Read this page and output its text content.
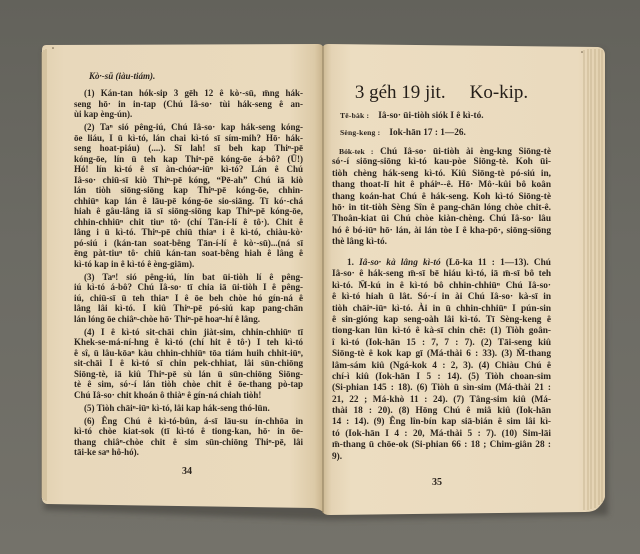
Kò·-sū (iàu-tiám).
(1) Kán-tan hók-sip 3 gēh 12 ê kò·-sū, m̄ng hák-
seng hō· in in-tap (Chú Iâ-so· tùi hák-seng ê an-
ùi kap èng-ún).
(2) Taⁿ sió pêng-iú, Chú Iâ-so· kap hák-seng kóng-
ōe liáu, I ū kì-tó, lán chai kì-tó sī sím-mih? Hō· hák-
seng hoat-piáu) (....). Sī lah! sī beh kap Thiⁿ-pē
kóng-ōe, lín ū teh kap Thiⁿ-pē kóng-ōe á-bô? (Ū!)
Hó! lín kì-tó ê sī àn-chóaⁿ-iūⁿ kì-tó? Lán ê Chú
Iâ-so· chiū-sī kiò Thiⁿ-pē kóng, “Pē-ah” Chú iā kiò
lán tiòh siōng-siōng kap Thiⁿ-pē kóng-ōe, chhin-
chhiūⁿ kap lán ê lāu-pē kóng-ōe sio-siāng. Tī kó·-chá
hiah ê gâu-lâng iā sī siōng-siōng kap Thiⁿ-pē kóng-ōe,
chhin-chhiūⁿ chit tiuⁿ tô· (chí Tān-í-lí ê tô·). Chit ê
lâng i ū kì-tó. Thiⁿ-pē chiū thiaⁿ i ê kì-tó, chiàu-kò·
pó-siú i (kán-tan soat-bêng Tān-í-lí ê kò·-sū)...(ná sī
ēng pàt-tiuⁿ tô· chiū kán-tan soat-bêng hiah ê lâng ê
kì-tó kap in ê kì-tó ê èng-giām).
(3) Taⁿ! sió pêng-iú, lín bat ūi-tiòh lí ê pêng-
iú kì-tó á-bô? Chú Iâ-so· tī chia iā ūi-tiòh I ê pêng-
iú, chiū-sī ū teh thiaⁿ I ê ōe beh chòe hó gín-ná ê
lâng lâi kì-tó. I kiû Thiⁿ-pē pó-siú kap pang-chān
lán lóng ōe chiâⁿ-chòe hō· Thiⁿ-pē hoaⁿ-hí ê lâng.
(4) I ê kì-tó sit-chāi chin jiàt-sim, chhin-chhiūⁿ tī
Khek-se-má-ní-hng ê kì-tó (chí hit ê tô·) I teh kì-tó
ê sî, ū lâu-kōaⁿ kàu chhin-chhiūⁿ tōa tiám huih chhit-iūⁿ,
sit-chāi I ê kì-tó sī chin pek-chhiat, lâi sūn-chiōng
Siōng-tè, iā kiû Thiⁿ-pē sù lán ū sūn-chiōng Siōng-
tè ê sim, só·-í lán tiòh chòe chit ê ōe-thang pò-tap
Chú Iâ-so· chit khoán ô thiàⁿ ê gín-ná chiah tiòh!
(5) Tiòh chāiⁿ-iūⁿ kì-tó, lâi kap hák-seng thó-lūn.
(6) Êng Chú ê kì-tó-bûn, á-sī lāu-su ín-chhōa in
kì-tó chòe kiat-sok (tī kì-tó ê tiong-kan, hō· in ōe-
thang chiâⁿ-chòe chit ê sim sūn-chiōng Thiⁿ-pē, lâi
tāi-ke saⁿ hô-hó).
34
3 géh 19 jit. Ko-kip.
Tē-bàk : Iâ-so· ūi-tiòh siók I ê kì-tó.
Sèng-keng : Iok-hān 17 : 1—26.
Bók-tek : Chú Iâ-so· ūi-tiòh ài èng-kng Siōng-tè
só·-í siōng-siōng kì-tó kau-pòe Siōng-tè. Koh ūi-
tiòh chèng hák-seng kì-tó. Kiû Siōng-tè pó-siú in,
thang thoat-lī hit ê pháiⁿ--ê. Hō· Mô·-kûi bô koân
thang koán-hat Chú ê hák-seng. Koh kì-tó Siōng-tè
hō· in tit-tiòh Sèng Sîn ê pang-chān lóng chòe chit-ê.
Thoân-kiat ūi Chú chòe kiàn-chèng. Chú Iâ-so· lâu
hó ê bó-iūⁿ hō· lán, ài lán tòe I ê kha-pō·, siōng-siōng
thè lâng kì-tó.
1. Iâ-so· kà lâng kì-tó (Lō-ka 11 : 1—13). Chú
Iâ-so· ê hák-seng m̄-sī bē hiáu kì-tó, iā m̄-sī bô teh
kì-tó. M̄-kú in ê kì-tó bô chhin-chhiūⁿ Chú Iâ-so·
ê kì-tó hiah ū lât. Só·-í in ài Chú Iâ-so· kà-sī in
tiòh chāiⁿ-iūⁿ kì-tó. Ài in ū chhin-chhiūⁿ I pún-sin
ê sin-gióng kap seng-oàh lâi kì-tó. Tī Sèng-keng ê
tiong-kan lūn kì-tó ê kà-sī chin chē: (1) Tiòh goân-
î kì-tó (Iok-hān 15 : 7, 7 : 7). (2) Tāi-seng kiû
Siōng-tè ê kok kap gī (Má-thài 6 : 33). (3) M̄-thang
lâm-sám kiû (Ngá-kok 4 : 2, 3). (4) Chiàu Chú ê
chí-ì kiû (Iok-hān I 5 : 14). (5) Tiòh choan-sim
(Si-phian 145 : 18). (6) Tiòh ū sìn-sim (Má-thài 21 :
21, 22 ; Má-khò 11 : 24). (7) Tâng-sim kiû (Má-
thài 18 : 20). (8) Hōng Chú ê miâ kiû (Iok-hān
14 : 14). (9) Êng lîn-bín kap siā-bián ê sim lâi kì-
tó (Iok-hān I 4 : 20, Má-thài 5 : 7). (10) Sim-lāi
m̄-thang ū chōe-ok (Si-phian 66 : 18 ; Chim-giân 28 :
9).
35
